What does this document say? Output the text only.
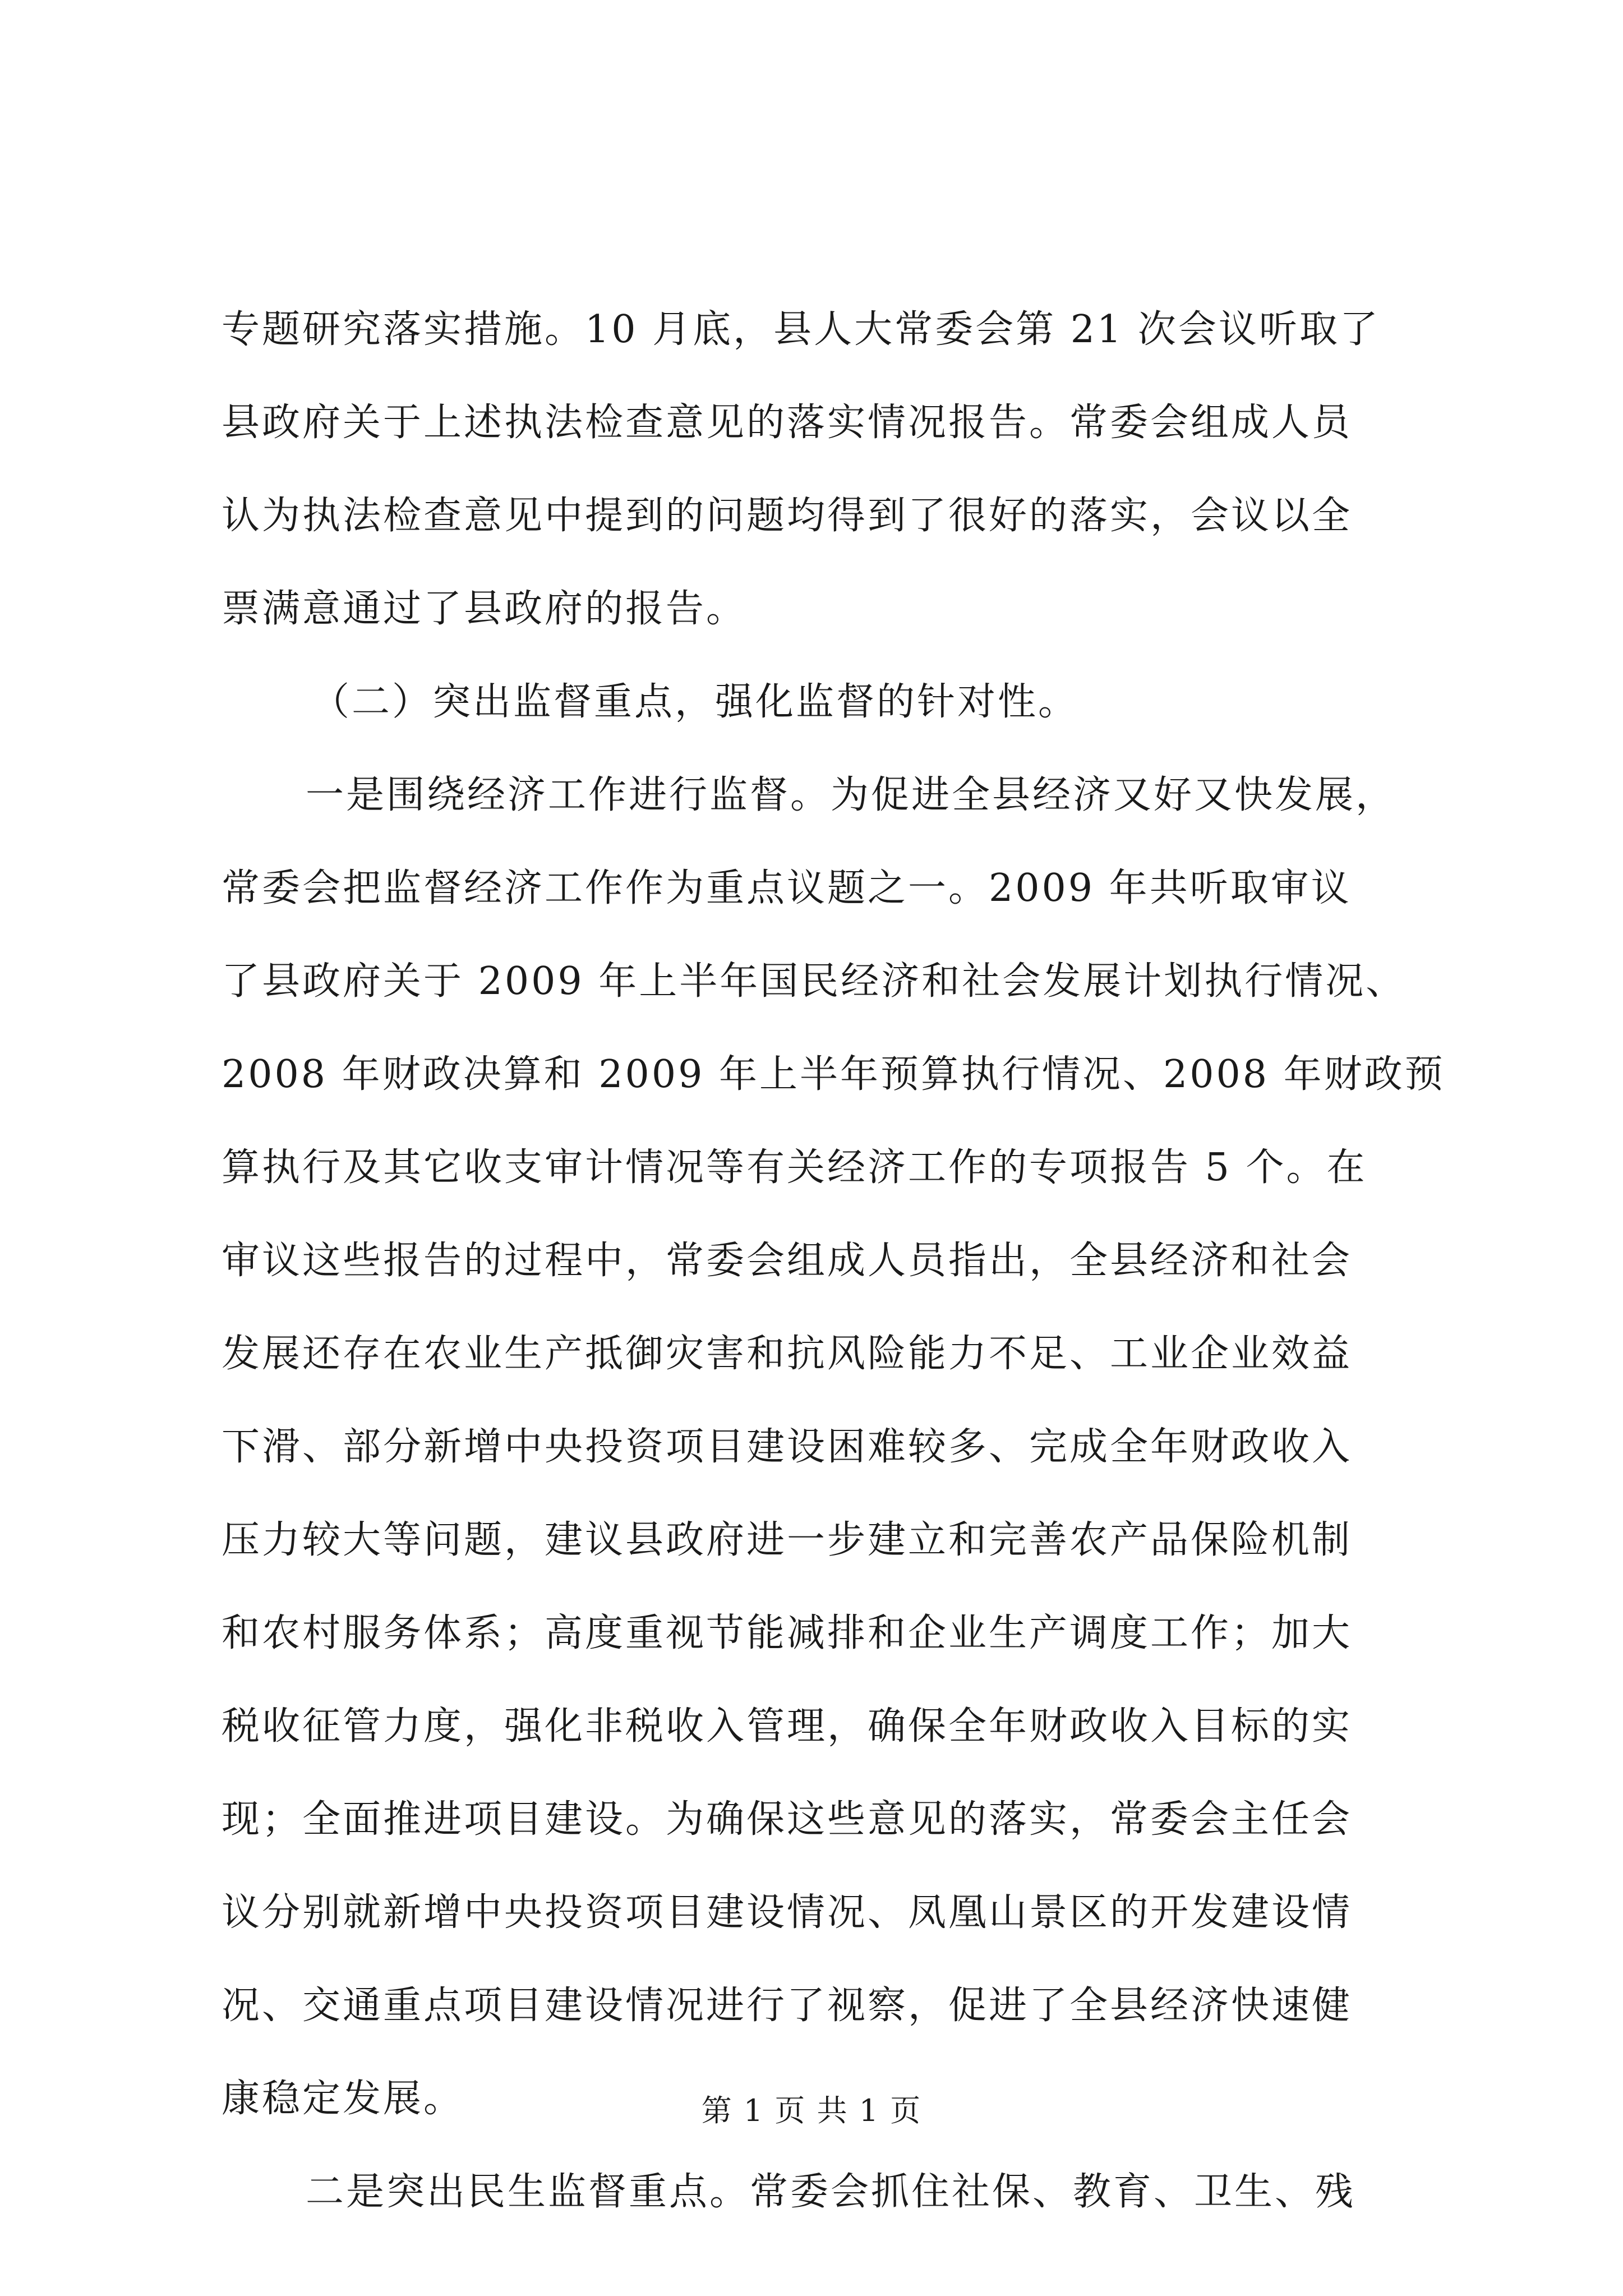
专题研究落实措施。10 月底，县人大常委会第 21 次会议听取了
县政府关于上述执法检查意见的落实情况报告。常委会组成人员
认为执法检查意见中提到的问题均得到了很好的落实，会议以全
票满意通过了县政府的报告。
（二）突出监督重点，强化监督的针对性。
一是围绕经济工作进行监督。为促进全县经济又好又快发展，
常委会把监督经济工作作为重点议题之一。2009 年共听取审议
了县政府关于 2009 年上半年国民经济和社会发展计划执行情况、
2008 年财政决算和 2009 年上半年预算执行情况、2008 年财政预
算执行及其它收支审计情况等有关经济工作的专项报告 5 个。在
审议这些报告的过程中，常委会组成人员指出，全县经济和社会
发展还存在农业生产抵御灾害和抗风险能力不足、工业企业效益
下滑、部分新增中央投资项目建设困难较多、完成全年财政收入
压力较大等问题，建议县政府进一步建立和完善农产品保险机制
和农村服务体系；高度重视节能减排和企业生产调度工作；加大
税收征管力度，强化非税收入管理，确保全年财政收入目标的实
现；全面推进项目建设。为确保这些意见的落实，常委会主任会
议分别就新增中央投资项目建设情况、凤凰山景区的开发建设情
况、交通重点项目建设情况进行了视察，促进了全县经济快速健
康稳定发展。
二是突出民生监督重点。常委会抓住社保、教育、卫生、残
第 1 页 共 1 页
